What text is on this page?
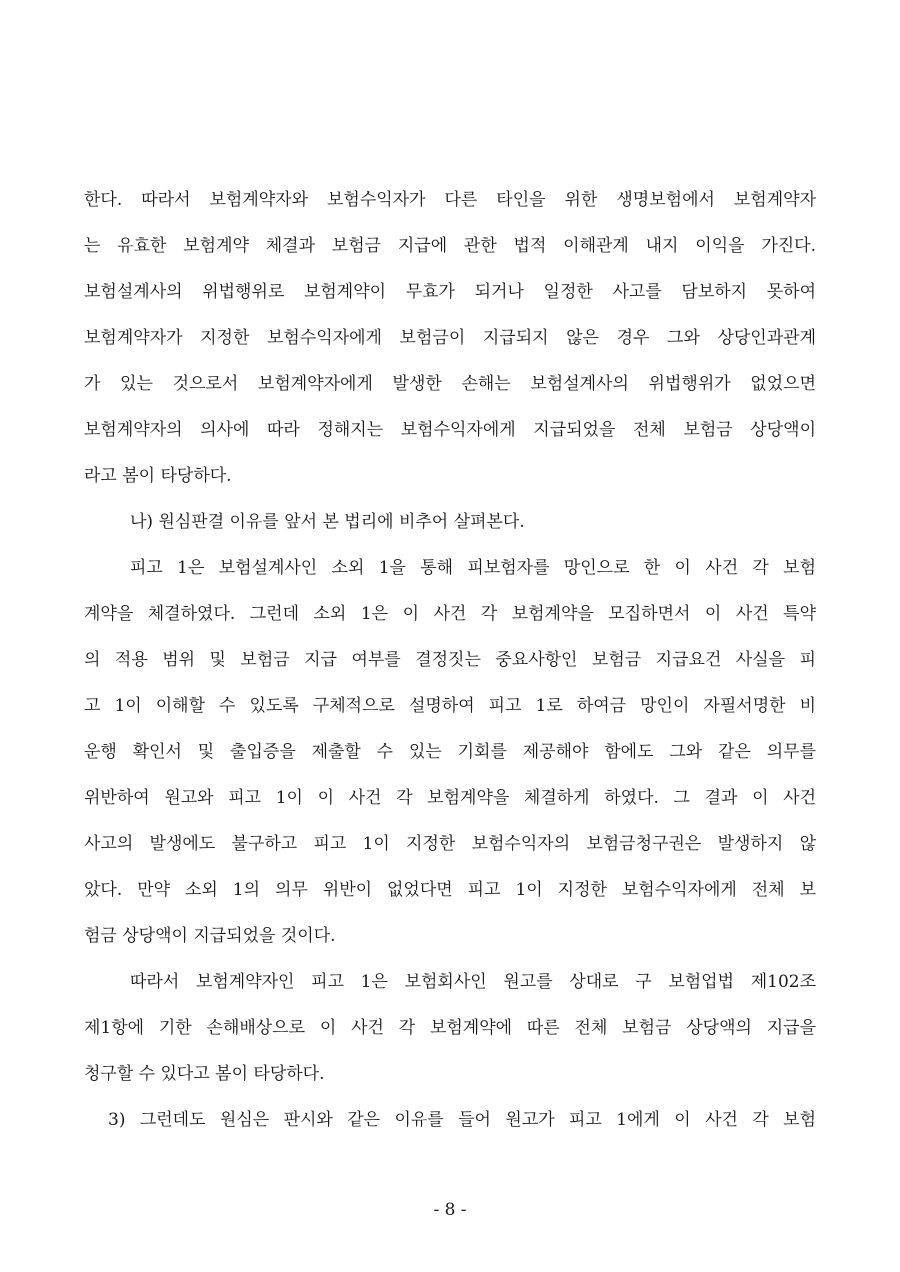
한다. 따라서 보험계약자와 보험수익자가 다른 타인을 위한 생명보험에서 보험계약자
는 유효한 보험계약 체결과 보험금 지급에 관한 법적 이해관계 내지 이익을 가진다.
보험설계사의 위법행위로 보험계약이 무효가 되거나 일정한 사고를 담보하지 못하여
보험계약자가 지정한 보험수익자에게 보험금이 지급되지 않은 경우 그와 상당인과관계
가 있는 것으로서 보험계약자에게 발생한 손해는 보험설계사의 위법행위가 없었으면
보험계약자의 의사에 따라 정해지는 보험수익자에게 지급되었을 전체 보험금 상당액이
라고 봄이 타당하다.
나) 원심판결 이유를 앞서 본 법리에 비추어 살펴본다.
피고 1은 보험설계사인 소외 1을 통해 피보험자를 망인으로 한 이 사건 각 보험
계약을 체결하였다. 그런데 소외 1은 이 사건 각 보험계약을 모집하면서 이 사건 특약
의 적용 범위 및 보험금 지급 여부를 결정짓는 중요사항인 보험금 지급요건 사실을 피
고 1이 이해할 수 있도록 구체적으로 설명하여 피고 1로 하여금 망인이 자필서명한 비
운행 확인서 및 출입증을 제출할 수 있는 기회를 제공해야 함에도 그와 같은 의무를
위반하여 원고와 피고 1이 이 사건 각 보험계약을 체결하게 하였다. 그 결과 이 사건
사고의 발생에도 불구하고 피고 1이 지정한 보험수익자의 보험금청구권은 발생하지 않
았다. 만약 소외 1의 의무 위반이 없었다면 피고 1이 지정한 보험수익자에게 전체 보
험금 상당액이 지급되었을 것이다.
따라서 보험계약자인 피고 1은 보험회사인 원고를 상대로 구 보험업법 제102조
제1항에 기한 손해배상으로 이 사건 각 보험계약에 따른 전체 보험금 상당액의 지급을
청구할 수 있다고 봄이 타당하다.
3) 그런데도 원심은 판시와 같은 이유를 들어 원고가 피고 1에게 이 사건 각 보험
- 8 -
